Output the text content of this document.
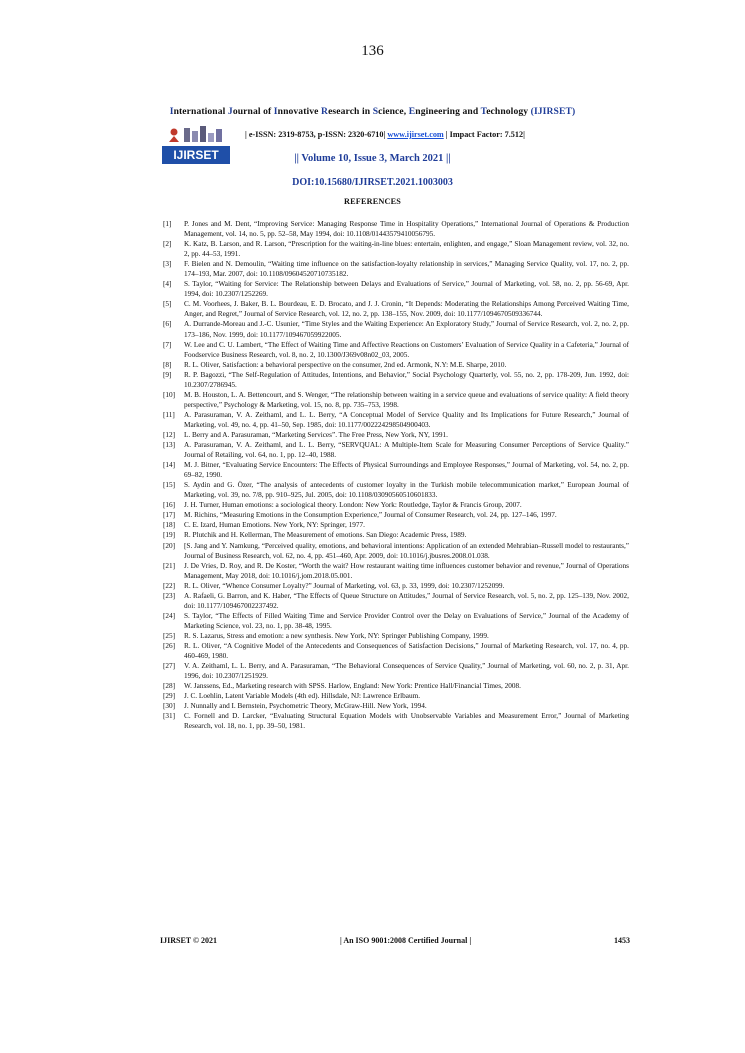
136
International Journal of Innovative Research in Science, Engineering and Technology (IJIRSET)
IJIRSET
| e-ISSN: 2319-8753, p-ISSN: 2320-6710| www.ijirset.com | Impact Factor: 7.512|
|| Volume 10, Issue 3, March 2021 ||
DOI:10.15680/IJIRSET.2021.1003003
REFERENCES
[1]	P. Jones and M. Dent, “Improving Service: Managing Response Time in Hospitality Operations,” International Journal of Operations & Production Management, vol. 14, no. 5, pp. 52–58, May 1994, doi: 10.1108/01443579410056795.
[2]	K. Katz, B. Larson, and R. Larson, “Prescription for the waiting-in-line blues: entertain, enlighten, and engage,” Sloan Management review, vol. 32, no. 2, pp. 44–53, 1991.
[3]	F. Bielen and N. Demoulin, “Waiting time influence on the satisfaction-loyalty relationship in services,” Managing Service Quality, vol. 17, no. 2, pp. 174–193, Mar. 2007, doi: 10.1108/09604520710735182.
[4]	S. Taylor, “Waiting for Service: The Relationship between Delays and Evaluations of Service,” Journal of Marketing, vol. 58, no. 2, pp. 56-69, Apr. 1994, doi: 10.2307/1252269.
[5]	C. M. Voorhees, J. Baker, B. L. Bourdeau, E. D. Brocato, and J. J. Cronin, “It Depends: Moderating the Relationships Among Perceived Waiting Time, Anger, and Regret,” Journal of Service Research, vol. 12, no. 2, pp. 138–155, Nov. 2009, doi: 10.1177/1094670509336744.
[6]	A. Durrande-Moreau and J.-C. Usunier, “Time Styles and the Waiting Experience: An Exploratory Study,” Journal of Service Research, vol. 2, no. 2, pp. 173–186, Nov. 1999, doi: 10.1177/109467059922005.
[7]	W. Lee and C. U. Lambert, “The Effect of Waiting Time and Affective Reactions on Customers’ Evaluation of Service Quality in a Cafeteria,” Journal of Foodservice Business Research, vol. 8, no. 2, 10.1300/J369v08n02_03, 2005.
[8]	R. L. Oliver, Satisfaction: a behavioral perspective on the consumer, 2nd ed. Armonk, N.Y: M.E. Sharpe, 2010.
[9]	R. P. Bagozzi, “The Self-Regulation of Attitudes, Intentions, and Behavior,” Social Psychology Quarterly, vol. 55, no. 2, pp. 178-209, Jun. 1992, doi: 10.2307/2786945.
[10]	M. B. Houston, L. A. Bettencourt, and S. Wenger, “The relationship between waiting in a service queue and evaluations of service quality: A field theory perspective,” Psychology & Marketing, vol. 15, no. 8, pp. 735–753, 1998.
[11]	A. Parasuraman, V. A. Zeithaml, and L. L. Berry, “A Conceptual Model of Service Quality and Its Implications for Future Research,” Journal of Marketing, vol. 49, no. 4, pp. 41–50, Sep. 1985, doi: 10.1177/002224298504900403.
[12]	L. Berry and A. Parasuraman, “Marketing Services”. The Free Press, New York, NY, 1991.
[13]	A. Parasuraman, V. A. Zeithaml, and L. L. Berry, “SERVQUAL: A Multiple-Item Scale for Measuring Consumer Perceptions of Service Quality.” Journal of Retailing, vol. 64, no. 1, pp. 12–40, 1988.
[14]	M. J. Bitner, “Evaluating Service Encounters: The Effects of Physical Surroundings and Employee Responses,” Journal of Marketing, vol. 54, no. 2, pp. 69–82, 1990.
[15]	S. Aydin and G. Özer, “The analysis of antecedents of customer loyalty in the Turkish mobile telecommunication market,” European Journal of Marketing, vol. 39, no. 7/8, pp. 910–925, Jul. 2005, doi: 10.1108/03090560510601833.
[16]	J. H. Turner, Human emotions: a sociological theory. London: New York: Routledge, Taylor & Francis Group, 2007.
[17]	M. Richins, “Measuring Emotions in the Consumption Experience,” Journal of Consumer Research, vol. 24, pp. 127–146, 1997.
[18]	C. E. Izard, Human Emotions. New York, NY: Springer, 1977.
[19]	R. Plutchik and H. Kellerman, The Measurement of emotions. San Diego: Academic Press, 1989.
[20]	[S. Jang and Y. Namkung, “Perceived quality, emotions, and behavioral intentions: Application of an extended Mehrabian–Russell model to restaurants,” Journal of Business Research, vol. 62, no. 4, pp. 451–460, Apr. 2009, doi: 10.1016/j.jbusres.2008.01.038.
[21]	J. De Vries, D. Roy, and R. De Koster, “Worth the wait? How restaurant waiting time influences customer behavior and revenue,” Journal of Operations Management, May 2018, doi: 10.1016/j.jom.2018.05.001.
[22]	R. L. Oliver, “Whence Consumer Loyalty?” Journal of Marketing, vol. 63, p. 33, 1999, doi: 10.2307/1252099.
[23]	A. Rafaeli, G. Barron, and K. Haber, “The Effects of Queue Structure on Attitudes,” Journal of Service Research, vol. 5, no. 2, pp. 125–139, Nov. 2002, doi: 10.1177/109467002237492.
[24]	S. Taylor, “The Effects of Filled Waiting Time and Service Provider Control over the Delay on Evaluations of Service,” Journal of the Academy of Marketing Science, vol. 23, no. 1, pp. 38-48, 1995.
[25]	R. S. Lazarus, Stress and emotion: a new synthesis. New York, NY: Springer Publishing Company, 1999.
[26]	R. L. Oliver, “A Cognitive Model of the Antecedents and Consequences of Satisfaction Decisions,” Journal of Marketing Research, vol. 17, no. 4, pp. 460-469, 1980.
[27]	V. A. Zeithaml, L. L. Berry, and A. Parasuraman, “The Behavioral Consequences of Service Quality,” Journal of Marketing, vol. 60, no. 2, p. 31, Apr. 1996, doi: 10.2307/1251929.
[28]	W. Janssens, Ed., Marketing research with SPSS. Harlow, England: New York: Prentice Hall/Financial Times, 2008.
[29]	J. C. Loehlin, Latent Variable Models (4th ed). Hillsdale, NJ: Lawrence Erlbaum.
[30]	J. Nunnally and I. Bernstein, Psychometric Theory, McGraw-Hill. New York, 1994.
[31]	C. Fornell and D. Larcker, “Evaluating Structural Equation Models with Unobservable Variables and Measurement Error,” Journal of Marketing Research, vol. 18, no. 1, pp. 39–50, 1981.
IJIRSET © 2021	| An ISO 9001:2008 Certified Journal |	1453
